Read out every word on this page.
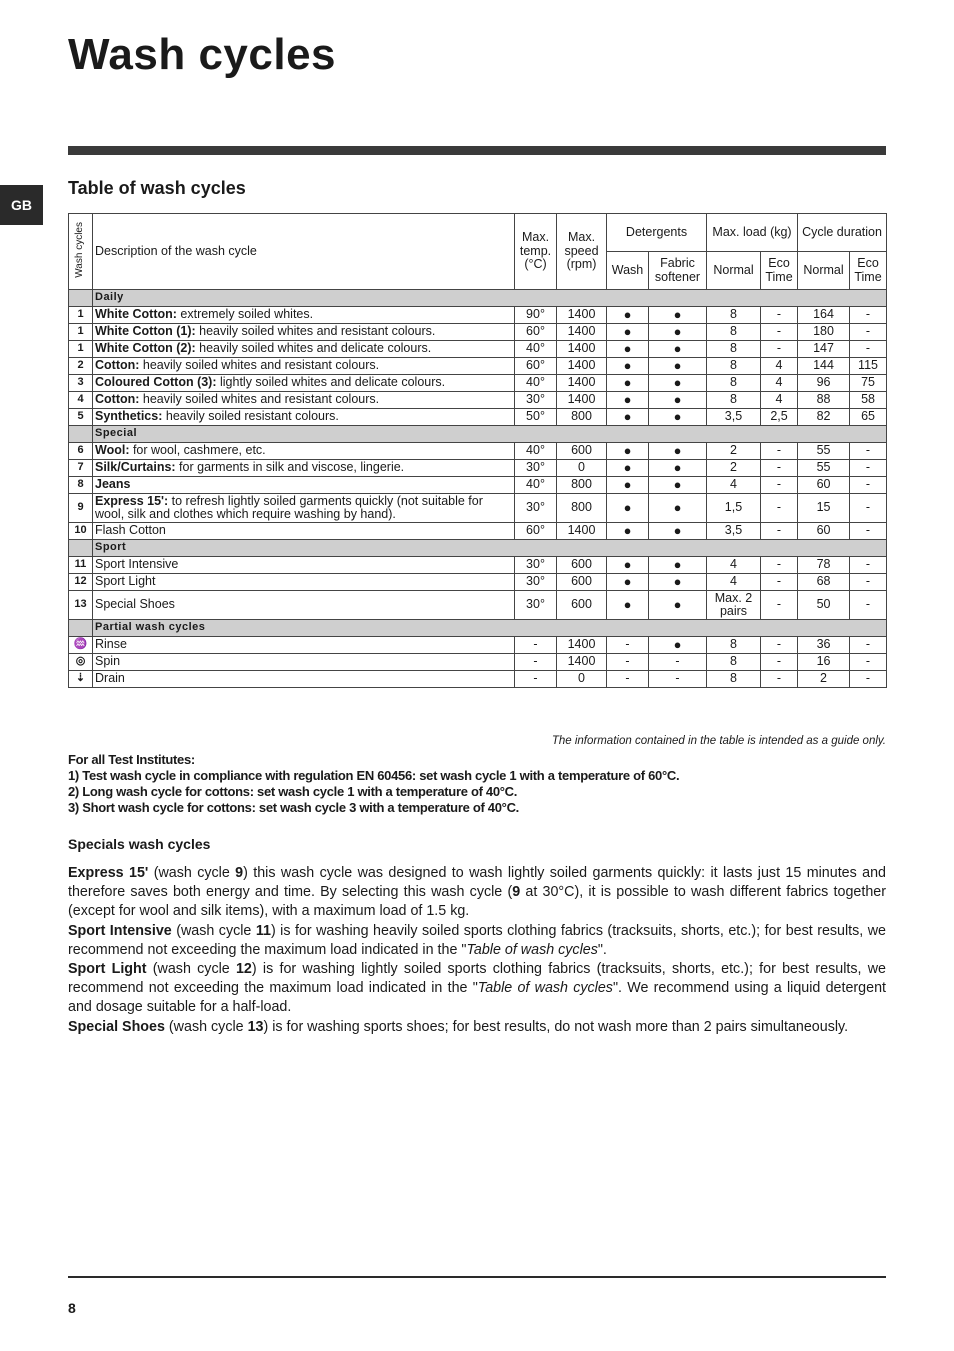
Wash cycles
GB
Table of wash cycles
Wash cycles	Description of the wash cycle	Max. temp. (°C)	Max. speed (rpm)	Detergents		Max. load (kg)		Cycle duration	
				Wash	Fabric softener	Normal	Eco Time	Normal	Eco Time
	Daily								
1	White Cotton: extremely soiled whites.	90°	1400	●	●	8	-	164	-
1	White Cotton (1): heavily soiled whites and resistant colours.	60°	1400	●	●	8	-	180	-
1	White Cotton (2): heavily soiled whites and delicate colours.	40°	1400	●	●	8	-	147	-
2	Cotton: heavily soiled whites and resistant colours.	60°	1400	●	●	8	4	144	115
3	Coloured Cotton (3): lightly soiled whites and delicate colours.	40°	1400	●	●	8	4	96	75
4	Cotton: heavily soiled whites and resistant colours.	30°	1400	●	●	8	4	88	58
5	Synthetics: heavily soiled resistant colours.	50°	800	●	●	3,5	2,5	82	65
	Special								
6	Wool: for wool, cashmere, etc.	40°	600	●	●	2	-	55	-
7	Silk/Curtains: for garments in silk and viscose, lingerie.	30°	0	●	●	2	-	55	-
8	Jeans	40°	800	●	●	4	-	60	-
9	Express 15': to refresh lightly soiled garments quickly (not suitable for wool, silk and clothes which require washing by hand).	30°	800	●	●	1,5	-	15	-
10	Flash Cotton	60°	1400	●	●	3,5	-	60	-
	Sport								
11	Sport Intensive	30°	600	●	●	4	-	78	-
12	Sport Light	30°	600	●	●	4	-	68	-
13	Special Shoes	30°	600	●	●	Max. 2 pairs	-	50	-
	Partial wash cycles								
♒	Rinse	-	1400	-	●	8	-	36	-
◎	Spin	-	1400	-	-	8	-	16	-
⇣	Drain	-	0	-	-	8	-	2	-
The information contained in the table is intended as a guide only.
For all Test Institutes:
1) Test wash cycle in compliance with regulation EN 60456: set wash cycle 1 with a temperature of 60°C.
2) Long wash cycle for cottons: set wash cycle 1 with a temperature of 40°C.
3) Short wash cycle for cottons: set wash cycle 3 with a temperature of 40°C.
Specials wash cycles

Express 15' (wash cycle 9) this wash cycle was designed to wash lightly soiled garments quickly: it lasts just 15 minutes and therefore saves both energy and time. By selecting this wash cycle (9 at 30°C), it is possible to wash different fabrics together (except for wool and silk items), with a maximum load of 1.5 kg.

Sport Intensive (wash cycle 11) is for washing heavily soiled sports clothing fabrics (tracksuits, shorts, etc.); for best results, we recommend not exceeding the maximum load indicated in the "Table of wash cycles".

Sport Light (wash cycle 12) is for washing lightly soiled sports clothing fabrics (tracksuits, shorts, etc.); for best results, we recommend not exceeding the maximum load indicated in the "Table of wash cycles". We recommend using a liquid detergent and dosage suitable for a half-load.

Special Shoes (wash cycle 13) is for washing sports shoes; for best results, do not wash more than 2 pairs simultaneously.

8
